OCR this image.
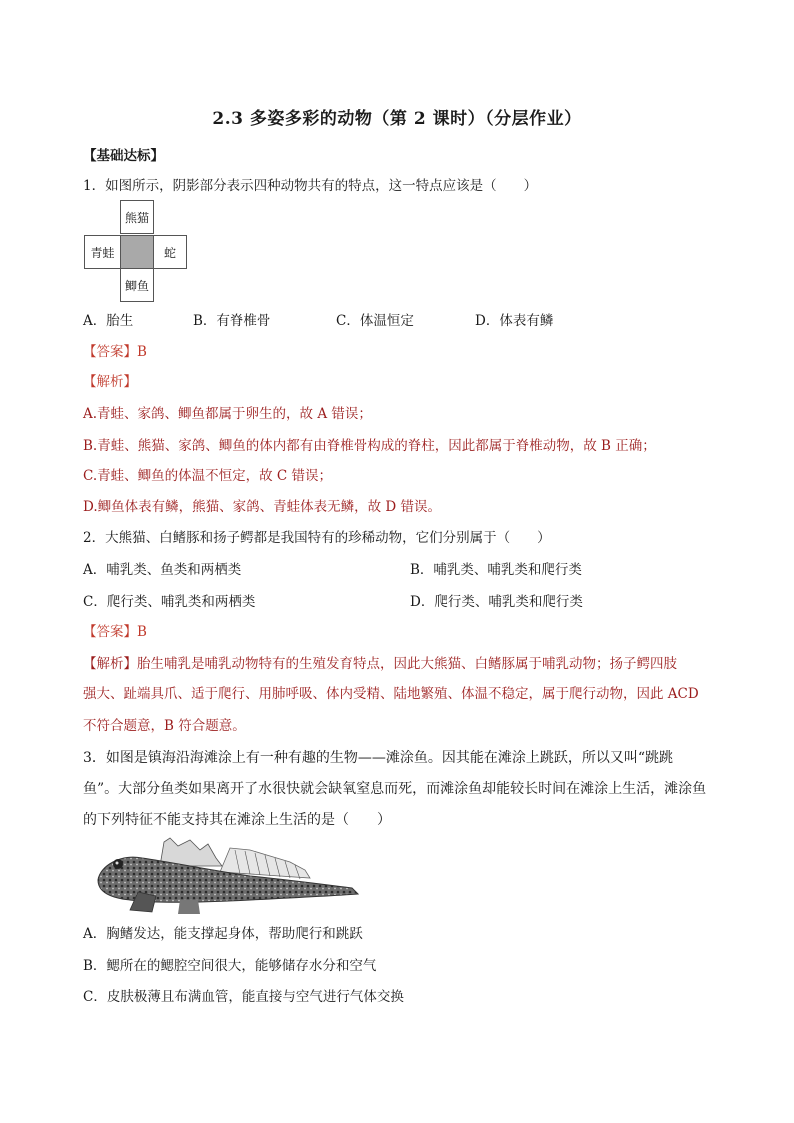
2.3 多姿多彩的动物（第 2 课时）（分层作业）
【基础达标】
1．如图所示，阴影部分表示四种动物共有的特点，这一特点应该是（　　）
熊猫
青蛙	蛇
鲫鱼
A．胎生	B．有脊椎骨	C．体温恒定	D．体表有鳞
【答案】B
【解析】
A.青蛙、家鸽、鲫鱼都属于卵生的，故 A 错误；
B.青蛙、熊猫、家鸽、鲫鱼的体内都有由脊椎骨构成的脊柱，因此都属于脊椎动物，故 B 正确；
C.青蛙、鲫鱼的体温不恒定，故 C 错误；
D.鲫鱼体表有鳞，熊猫、家鸽、青蛙体表无鳞，故 D 错误。
2．大熊猫、白鳍豚和扬子鳄都是我国特有的珍稀动物，它们分别属于（　　）
A．哺乳类、鱼类和两栖类	B．哺乳类、哺乳类和爬行类
C．爬行类、哺乳类和两栖类	D．爬行类、哺乳类和爬行类
【答案】B
【解析】胎生哺乳是哺乳动物特有的生殖发育特点，因此大熊猫、白鳍豚属于哺乳动物；扬子鳄四肢
强大、趾端具爪、适于爬行、用肺呼吸、体内受精、陆地繁殖、体温不稳定，属于爬行动物，因此 ACD
不符合题意，B 符合题意。
3．如图是镇海沿海滩涂上有一种有趣的生物——滩涂鱼。因其能在滩涂上跳跃，所以又叫“跳跳
鱼”。大部分鱼类如果离开了水很快就会缺氧窒息而死，而滩涂鱼却能较长时间在滩涂上生活，滩涂鱼
的下列特征不能支持其在滩涂上生活的是（　　）
A．胸鳍发达，能支撑起身体，帮助爬行和跳跃
B．鳃所在的鳃腔空间很大，能够储存水分和空气
C．皮肤极薄且布满血管，能直接与空气进行气体交换
